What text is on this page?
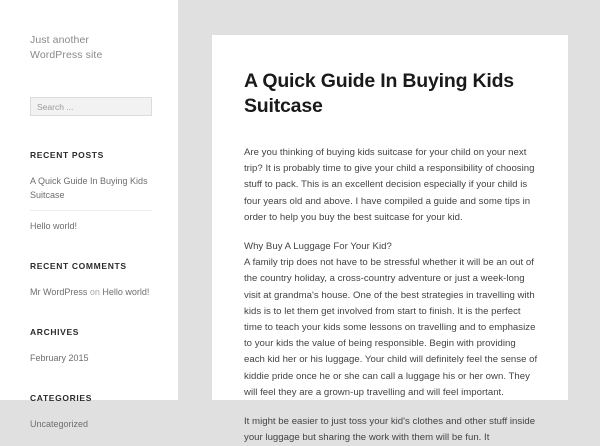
Just another WordPress site

Search ...
RECENT POSTS
A Quick Guide In Buying Kids Suitcase
Hello world!
RECENT COMMENTS
Mr WordPress on Hello world!
ARCHIVES
February 2015
CATEGORIES
Uncategorized
A Quick Guide In Buying Kids Suitcase

Are you thinking of buying kids suitcase for your child on your next trip? It is probably time to give your child a responsibility of choosing stuff to pack. This is an excellent decision especially if your child is four years old and above. I have compiled a guide and some tips in order to help you buy the best suitcase for your kid.

Why Buy A Luggage For Your Kid?

A family trip does not have to be stressful whether it will be an out of the country holiday, a cross-country adventure or just a week-long visit at grandma's house. One of the best strategies in travelling with kids is to let them get involved from start to finish. It is the perfect time to teach your kids some lessons on travelling and to emphasize to your kids the value of being responsible. Begin with providing each kid her or his luggage. Your child will definitely feel the sense of kiddie pride once he or she can call a luggage his or her own. They will feel they are a grown-up travelling and will feel important.

It might be easier to just toss your kid's clothes and other stuff inside your luggage but sharing the work with them will be fun. It
